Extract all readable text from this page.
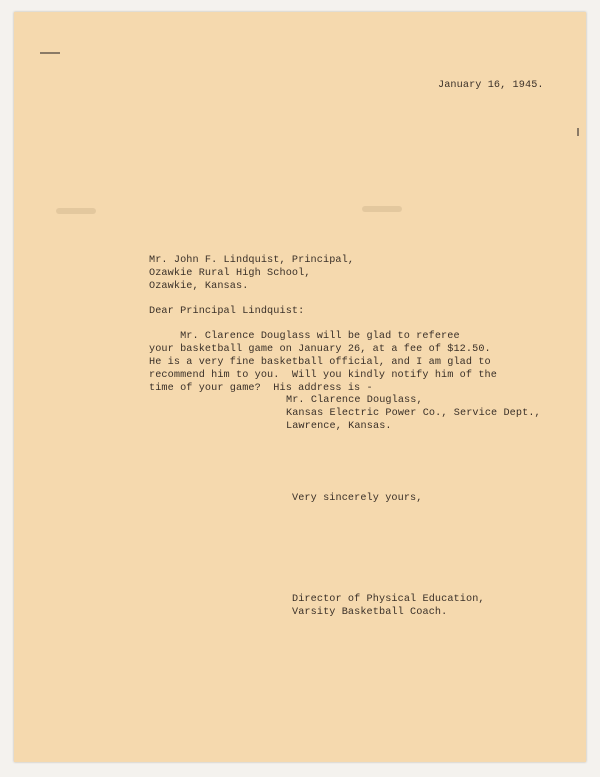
January 16, 1945.
Mr. John F. Lindquist, Principal,
Ozawkie Rural High School,
Ozawkie, Kansas.
Dear Principal Lindquist:
Mr. Clarence Douglass will be glad to referee
your basketball game on January 26, at a fee of $12.50.
He is a very fine basketball official, and I am glad to
recommend him to you.  Will you kindly notify him of the
time of your game?  His address is -
Mr. Clarence Douglass,
Kansas Electric Power Co., Service Dept.,
Lawrence, Kansas.
Very sincerely yours,
Director of Physical Education,
Varsity Basketball Coach.
